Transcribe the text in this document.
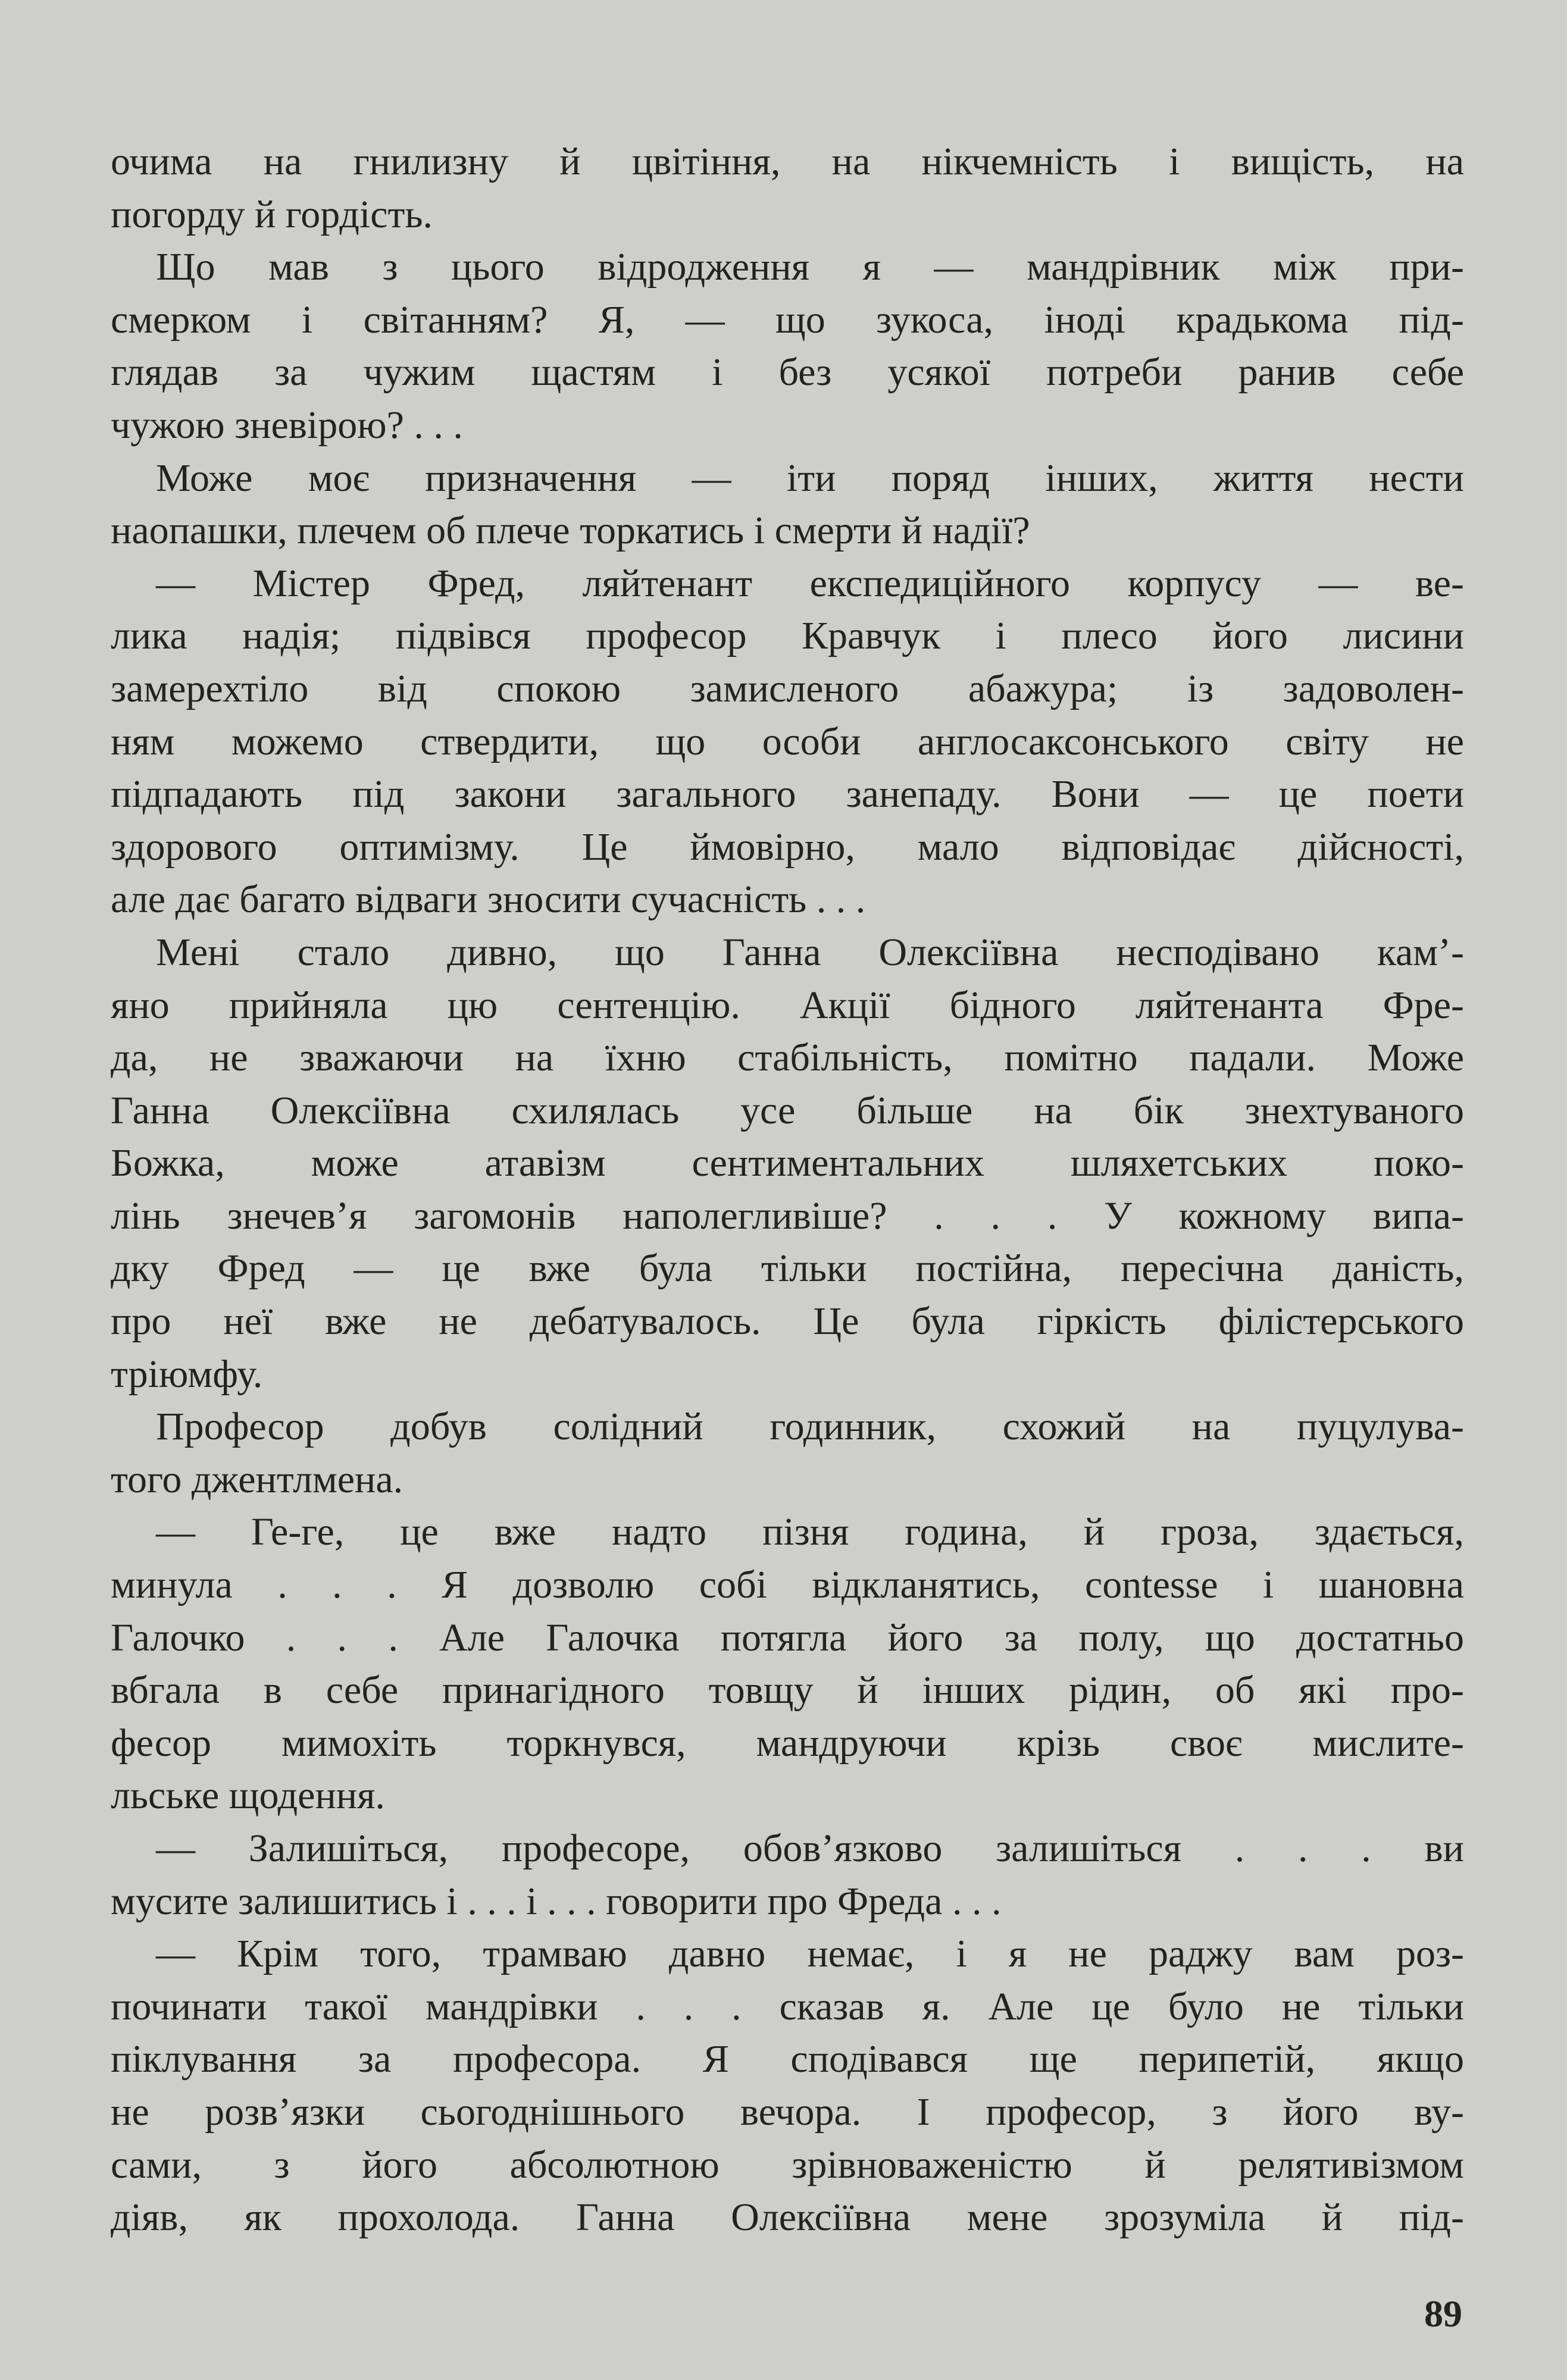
очима на гнилизну й цвітіння, на нікчемність і вищість, на
погорду й гордість.
Що мав з цього відродження я — мандрівник між при-
смерком і світанням? Я, — що зукоса, іноді крадькома під-
глядав за чужим щастям і без усякої потреби ранив себе
чужою зневірою? . . .
Може моє призначення — іти поряд інших, життя нести
наопашки, плечем об плече торкатись і смерти й надії?
— Містер Фред, ляйтенант експедиційного корпусу — ве-
лика надія; підвівся професор Кравчук і плесо його лисини
замерехтіло від спокою замисленого абажура; із задоволен-
ням можемо ствердити, що особи англосаксонського світу не
підпадають під закони загального занепаду. Вони — це поети
здорового оптимізму. Це ймовірно, мало відповідає дійсності,
але дає багато відваги зносити сучасність . . .
Мені стало дивно, що Ганна Олексіївна несподівано кам’-
яно прийняла цю сентенцію. Акції бідного ляйтенанта Фре-
да, не зважаючи на їхню стабільність, помітно падали. Може
Ганна Олексіївна схилялась усе більше на бік знехтуваного
Божка, може атавізм сентиментальних шляхетських поко-
лінь знечев’я загомонів наполегливіше? . . . У кожному випа-
дку Фред — це вже була тільки постійна, пересічна даність,
про неї вже не дебатувалось. Це була гіркість філістерського
тріюмфу.
Професор добув солідний годинник, схожий на пуцулува-
того джентлмена.
— Ге-ге, це вже надто пізня година, й гроза, здається,
минула . . . Я дозволю собі відкланятись, contesse і шановна
Галочко . . . Але Галочка потягла його за полу, що достатньо
вбгала в себе принагідного товщу й інших рідин, об які про-
фесор мимохіть торкнувся, мандруючи крізь своє мислите-
льське щодення.
— Залишіться, професоре, обов’язково залишіться . . . ви
мусите залишитись і . . . і . . . говорити про Фреда . . .
— Крім того, трамваю давно немає, і я не раджу вам роз-
починати такої мандрівки . . . сказав я. Але це було не тільки
піклування за професора. Я сподівався ще перипетій, якщо
не розв’язки сьогоднішнього вечора. І професор, з його ву-
сами, з його абсолютною зрівноваженістю й релятивізмом
діяв, як прохолода. Ганна Олексіївна мене зрозуміла й під-
89
